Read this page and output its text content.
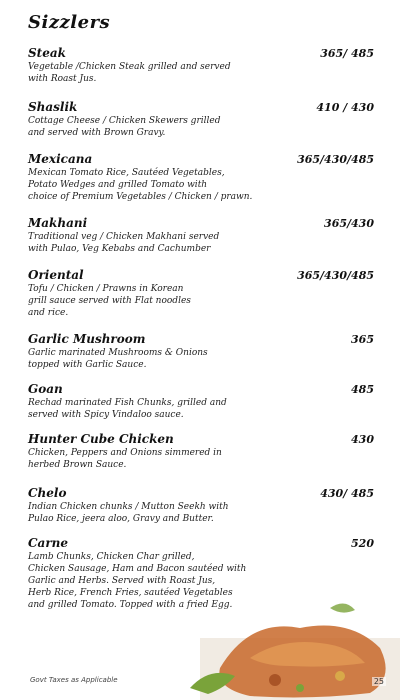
Sizzlers
Steak	365/ 485
Vegetable /Chicken Steak grilled and served
with Roast Jus.
Shaslik	410 / 430
Cottage Cheese / Chicken Skewers grilled
and served with Brown Gravy.
Mexicana	365/430/485
Mexican Tomato Rice, Sautéed Vegetables,
Potato Wedges and grilled Tomato with
choice of Premium Vegetables / Chicken / prawn.
Makhani	365/430
Traditional veg / Chicken Makhani served
with Pulao, Veg Kebabs and Cachumber
Oriental	365/430/485
Tofu / Chicken / Prawns in Korean
grill sauce served with Flat noodles
and rice.
Garlic Mushroom	365
Garlic marinated Mushrooms & Onions
topped with Garlic Sauce.
Goan	485
Rechad marinated Fish Chunks, grilled and
served with Spicy Vindaloo sauce.
Hunter Cube Chicken	430
Chicken, Peppers and Onions simmered in
herbed Brown Sauce.
Chelo	430/ 485
Indian Chicken chunks / Mutton Seekh with
Pulao Rice, jeera aloo, Gravy and Butter.
Carne	520
Lamb Chunks, Chicken Char grilled,
Chicken Sausage, Ham and Bacon sautéed with
Garlic and Herbs. Served with Roast Jus,
Herb Rice, French Fries, sautéed Vegetables
and grilled Tomato. Topped with a fried Egg.
Govt Taxes as Applicable	25
